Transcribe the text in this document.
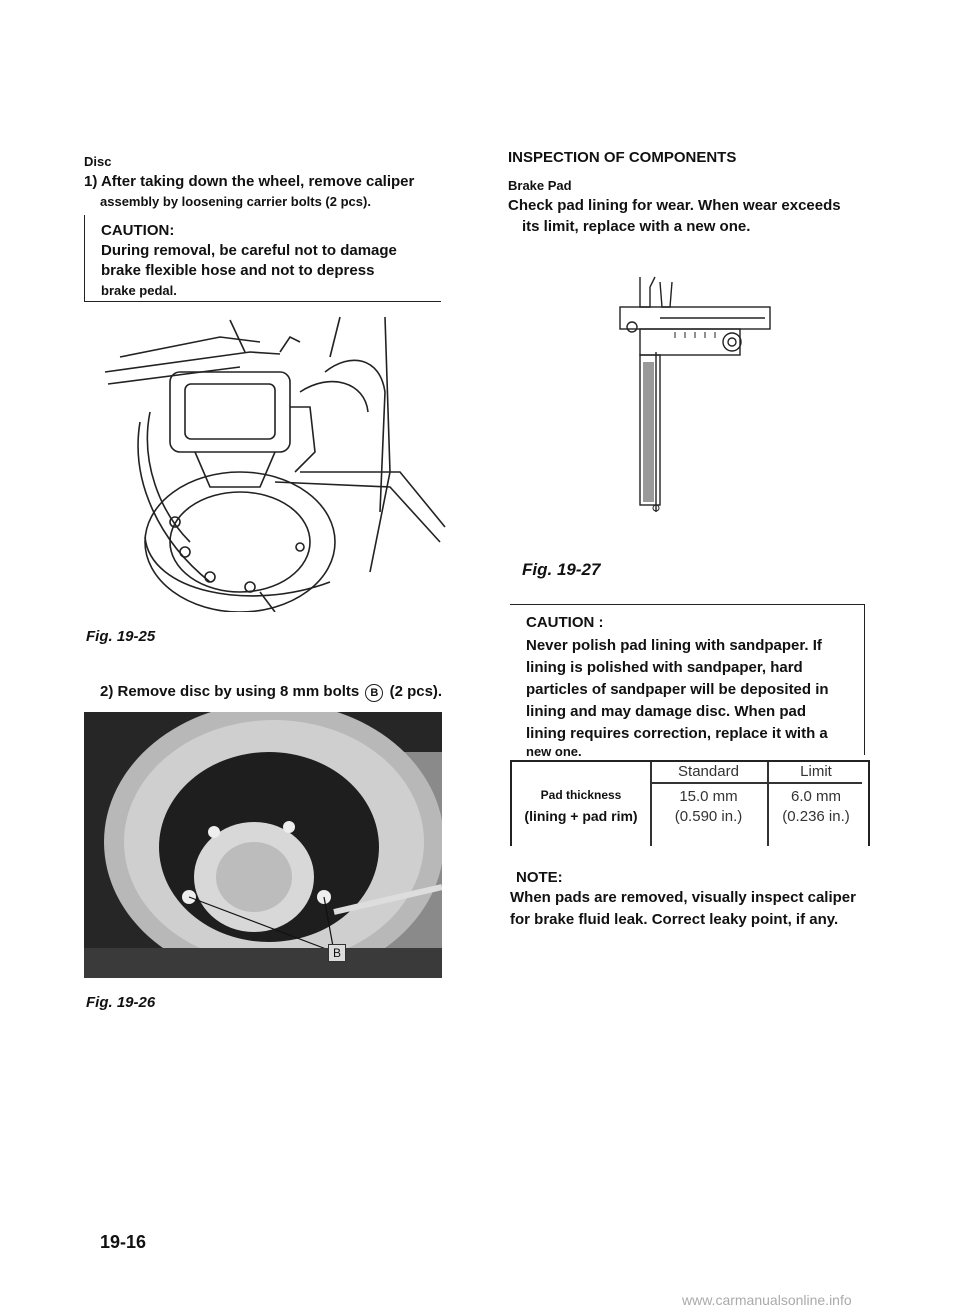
Disc
1) After taking down the wheel, remove caliper
assembly by loosening carrier bolts (2 pcs).
CAUTION:
During removal, be careful not to damage
brake flexible hose and not to depress
brake pedal.
Fig. 19-25
2) Remove disc by using 8 mm bolts B (2 pcs).
B
Fig. 19-26
INSPECTION OF COMPONENTS
Brake Pad
Check pad lining for wear. When wear exceeds
its limit, replace with a new one.
Fig. 19-27
CAUTION :
Never polish pad lining with sandpaper. If
lining is polished with sandpaper, hard
particles of sandpaper will be deposited in
lining and may damage disc. When pad
lining requires correction, replace it with a
new one.
Pad thickness
(lining + pad rim)
Standard	Limit
15.0 mm
(0.590 in.)
6.0 mm
(0.236 in.)
NOTE:
When pads are removed, visually inspect caliper
for brake fluid leak. Correct leaky point, if any.
19-16
www.carmanualsonline.info
